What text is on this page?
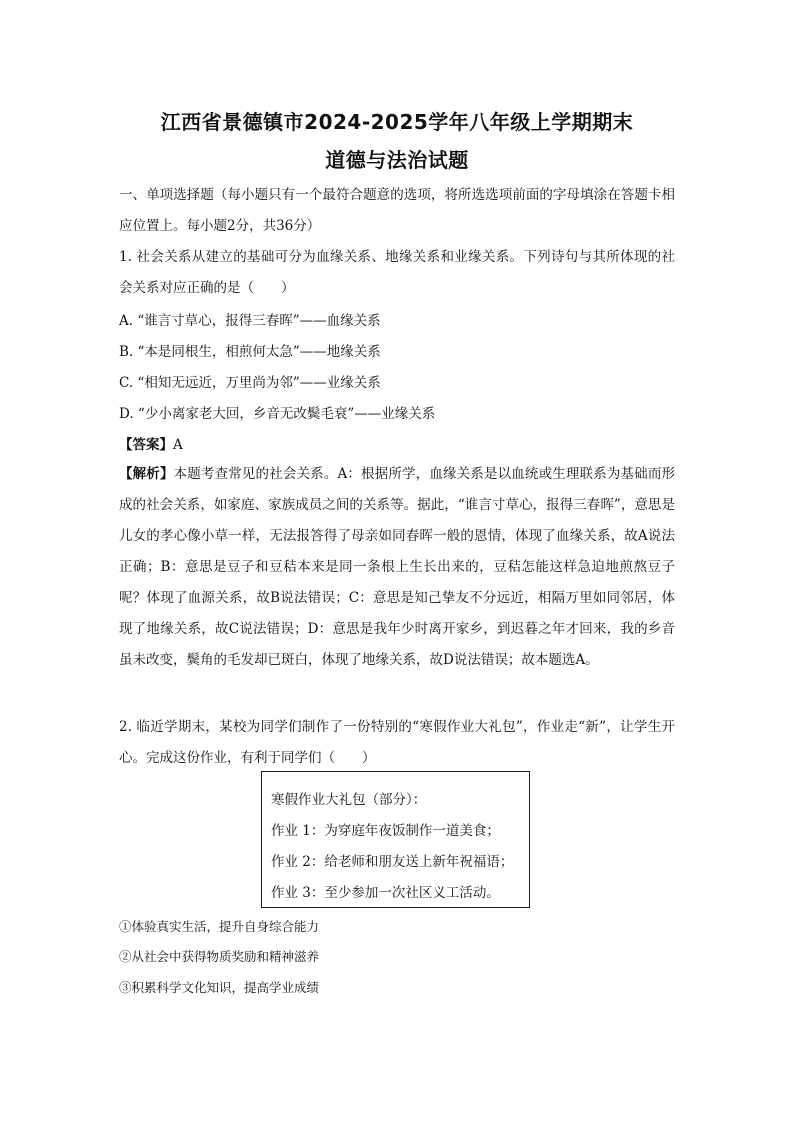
江西省景德镇市2024-2025学年八年级上学期期末
道德与法治试题

一、单项选择题（每小题只有一个最符合题意的选项，将所选选项前面的字母填涂在答题卡相应位置上。每小题2分，共36分）

1. 社会关系从建立的基础可分为血缘关系、地缘关系和业缘关系。下列诗句与其所体现的社会关系对应正确的是（　　）

A. “谁言寸草心，报得三春晖”——血缘关系
B. “本是同根生，相煎何太急”——地缘关系
C. “相知无远近，万里尚为邻”——业缘关系
D. “少小离家老大回，乡音无改鬓毛衰”——业缘关系
【答案】A

【解析】本题考查常见的社会关系。A：根据所学，血缘关系是以血统或生理联系为基础而形成的社会关系，如家庭、家族成员之间的关系等。据此，“谁言寸草心，报得三春晖”，意思是儿女的孝心像小草一样，无法报答得了母亲如同春晖一般的恩情，体现了血缘关系，故A说法正确；B：意思是豆子和豆秸本来是同一条根上生长出来的，豆秸怎能这样急迫地煎熬豆子呢？体现了血源关系，故B说法错误；C：意思是知己挚友不分远近，相隔万里如同邻居，体现了地缘关系，故C说法错误；D：意思是我年少时离开家乡，到迟暮之年才回来，我的乡音虽未改变，鬓角的毛发却已斑白，体现了地缘关系，故D说法错误；故本题选A。

2. 临近学期末，某校为同学们制作了一份特别的“寒假作业大礼包”，作业走“新”，让学生开心。完成这份作业，有利于同学们（　　）

寒假作业大礼包（部分）：
作业 1：为穿庭年夜饭制作一道美食；
作业 2：给老师和朋友送上新年祝福语；
作业 3：至少参加一次社区义工活动。
①体验真实生活，提升自身综合能力
②从社会中获得物质奖励和精神滋养
③积累科学文化知识，提高学业成绩
